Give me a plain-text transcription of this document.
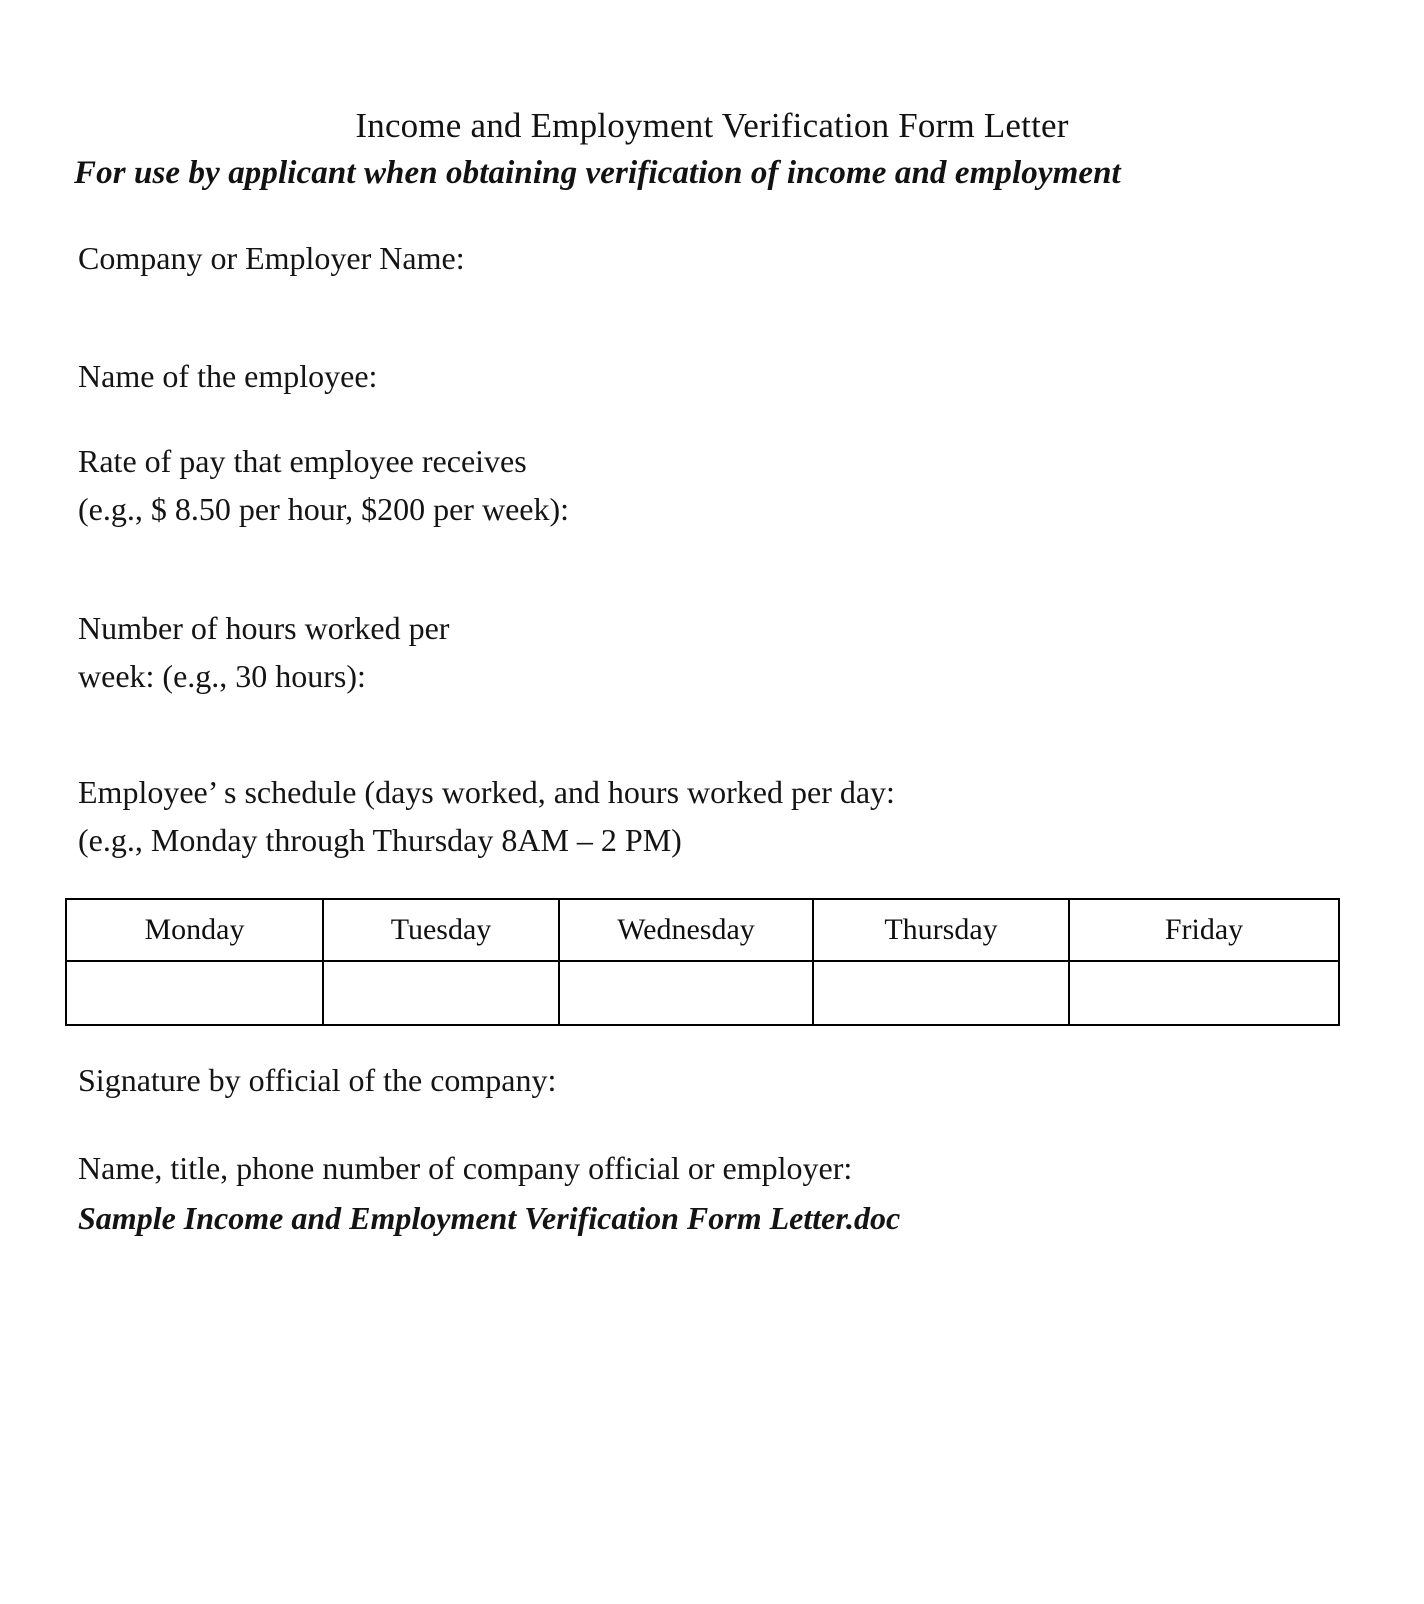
Income and Employment Verification Form Letter
For use by applicant when obtaining verification of income and employment
Company or Employer Name:
Name of the employee:
Rate of pay that employee receives
(e.g., $ 8.50 per hour, $200 per week):
Number of hours worked per
week: (e.g., 30 hours):
Employee’ s schedule (days worked, and hours worked per day:
(e.g., Monday through Thursday 8AM – 2 PM)
Monday	Tuesday	Wednesday	Thursday	Friday

Signature by official of the company:
Name, title, phone number of company official or employer:
Sample Income and Employment Verification Form Letter.doc
